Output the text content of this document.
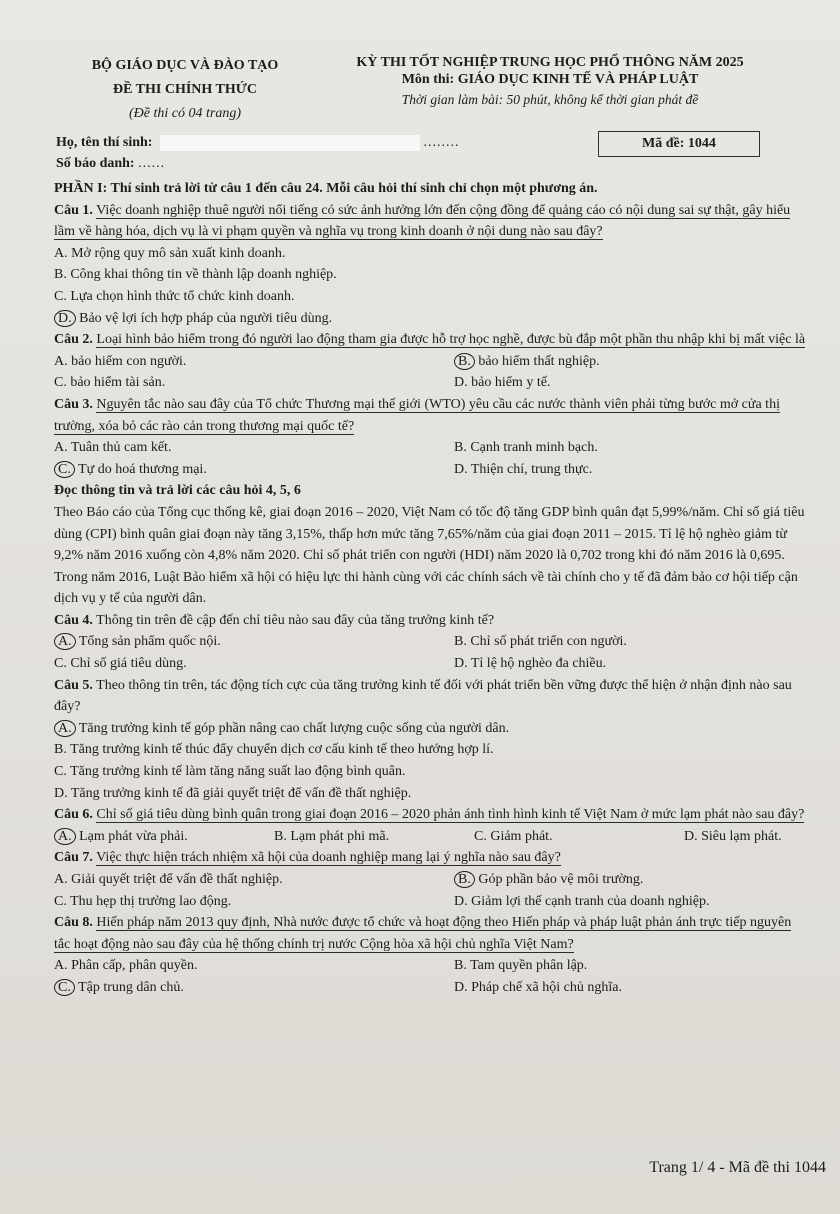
BỘ GIÁO DỤC VÀ ĐÀO TẠO
ĐỀ THI CHÍNH THỨC
(Đề thi có 04 trang)
KỲ THI TỐT NGHIỆP TRUNG HỌC PHỔ THÔNG NĂM 2025
Môn thi: GIÁO DỤC KINH TẾ VÀ PHÁP LUẬT
Thời gian làm bài: 50 phút, không kể thời gian phát đề
Họ, tên thí sinh:	........
Số báo danh: ......
Mã đề: 1044

PHẦN I: Thí sinh trả lời từ câu 1 đến câu 24. Mỗi câu hỏi thí sinh chỉ chọn một phương án.

Câu 1. Việc doanh nghiệp thuê người nổi tiếng có sức ảnh hưởng lớn đến cộng đồng để quảng cáo có nội dung sai sự thật, gây hiểu lầm về hàng hóa, dịch vụ là vi phạm quyền và nghĩa vụ trong kinh doanh ở nội dung nào sau đây?

A. Mở rộng quy mô sản xuất kinh doanh.

B. Công khai thông tin về thành lập doanh nghiệp.

C. Lựa chọn hình thức tổ chức kinh doanh.

D. Bảo vệ lợi ích hợp pháp của người tiêu dùng.

Câu 2. Loại hình bảo hiểm trong đó người lao động tham gia được hỗ trợ học nghề, được bù đắp một phần thu nhập khi bị mất việc là

A. bảo hiểm con người.	B. bảo hiểm thất nghiệp.
C. bảo hiểm tài sản.	D. bảo hiểm y tế.

Câu 3. Nguyên tắc nào sau đây của Tổ chức Thương mại thế giới (WTO) yêu cầu các nước thành viên phải từng bước mở cửa thị trường, xóa bỏ các rào cản trong thương mại quốc tế?

A. Tuân thủ cam kết.	B. Cạnh tranh minh bạch.
C. Tự do hoá thương mại.	D. Thiện chí, trung thực.

Đọc thông tin và trả lời các câu hỏi 4, 5, 6

Theo Báo cáo của Tổng cục thống kê, giai đoạn 2016 – 2020, Việt Nam có tốc độ tăng GDP bình quân đạt 5,99%/năm. Chỉ số giá tiêu dùng (CPI) bình quân giai đoạn này tăng 3,15%, thấp hơn mức tăng 7,65%/năm của giai đoạn 2011 – 2015. Tỉ lệ hộ nghèo giảm từ 9,2% năm 2016 xuống còn 4,8% năm 2020. Chỉ số phát triển con người (HDI) năm 2020 là 0,702 trong khi đó năm 2016 là 0,695. Trong năm 2016, Luật Bảo hiểm xã hội có hiệu lực thi hành cùng với các chính sách về tài chính cho y tế đã đảm bảo cơ hội tiếp cận dịch vụ y tế của người dân.

Câu 4. Thông tin trên đề cập đến chỉ tiêu nào sau đây của tăng trưởng kinh tế?

A. Tổng sản phẩm quốc nội.	B. Chỉ số phát triển con người.
C. Chỉ số giá tiêu dùng.	D. Tỉ lệ hộ nghèo đa chiều.

Câu 5. Theo thông tin trên, tác động tích cực của tăng trưởng kinh tế đối với phát triển bền vững được thể hiện ở nhận định nào sau đây?

A. Tăng trưởng kinh tế góp phần nâng cao chất lượng cuộc sống của người dân.

B. Tăng trưởng kinh tế thúc đẩy chuyển dịch cơ cấu kinh tế theo hướng hợp lí.

C. Tăng trưởng kinh tế làm tăng năng suất lao động bình quân.

D. Tăng trưởng kinh tế đã giải quyết triệt để vấn đề thất nghiệp.

Câu 6. Chỉ số giá tiêu dùng bình quân trong giai đoạn 2016 – 2020 phản ánh tình hình kinh tế Việt Nam ở mức lạm phát nào sau đây?

A. Lạm phát vừa phải.	B. Lạm phát phi mã.	C. Giảm phát.	D. Siêu lạm phát.

Câu 7. Việc thực hiện trách nhiệm xã hội của doanh nghiệp mang lại ý nghĩa nào sau đây?

A. Giải quyết triệt để vấn đề thất nghiệp.	B. Góp phần bảo vệ môi trường.
C. Thu hẹp thị trường lao động.	D. Giảm lợi thế cạnh tranh của doanh nghiệp.

Câu 8. Hiến pháp năm 2013 quy định, Nhà nước được tổ chức và hoạt động theo Hiến pháp và pháp luật phản ánh trực tiếp nguyên tắc hoạt động nào sau đây của hệ thống chính trị nước Cộng hòa xã hội chủ nghĩa Việt Nam?

A. Phân cấp, phân quyền.	B. Tam quyền phân lập.
C. Tập trung dân chủ.	D. Pháp chế xã hội chủ nghĩa.
Trang 1/ 4 - Mã đề thi 1044
